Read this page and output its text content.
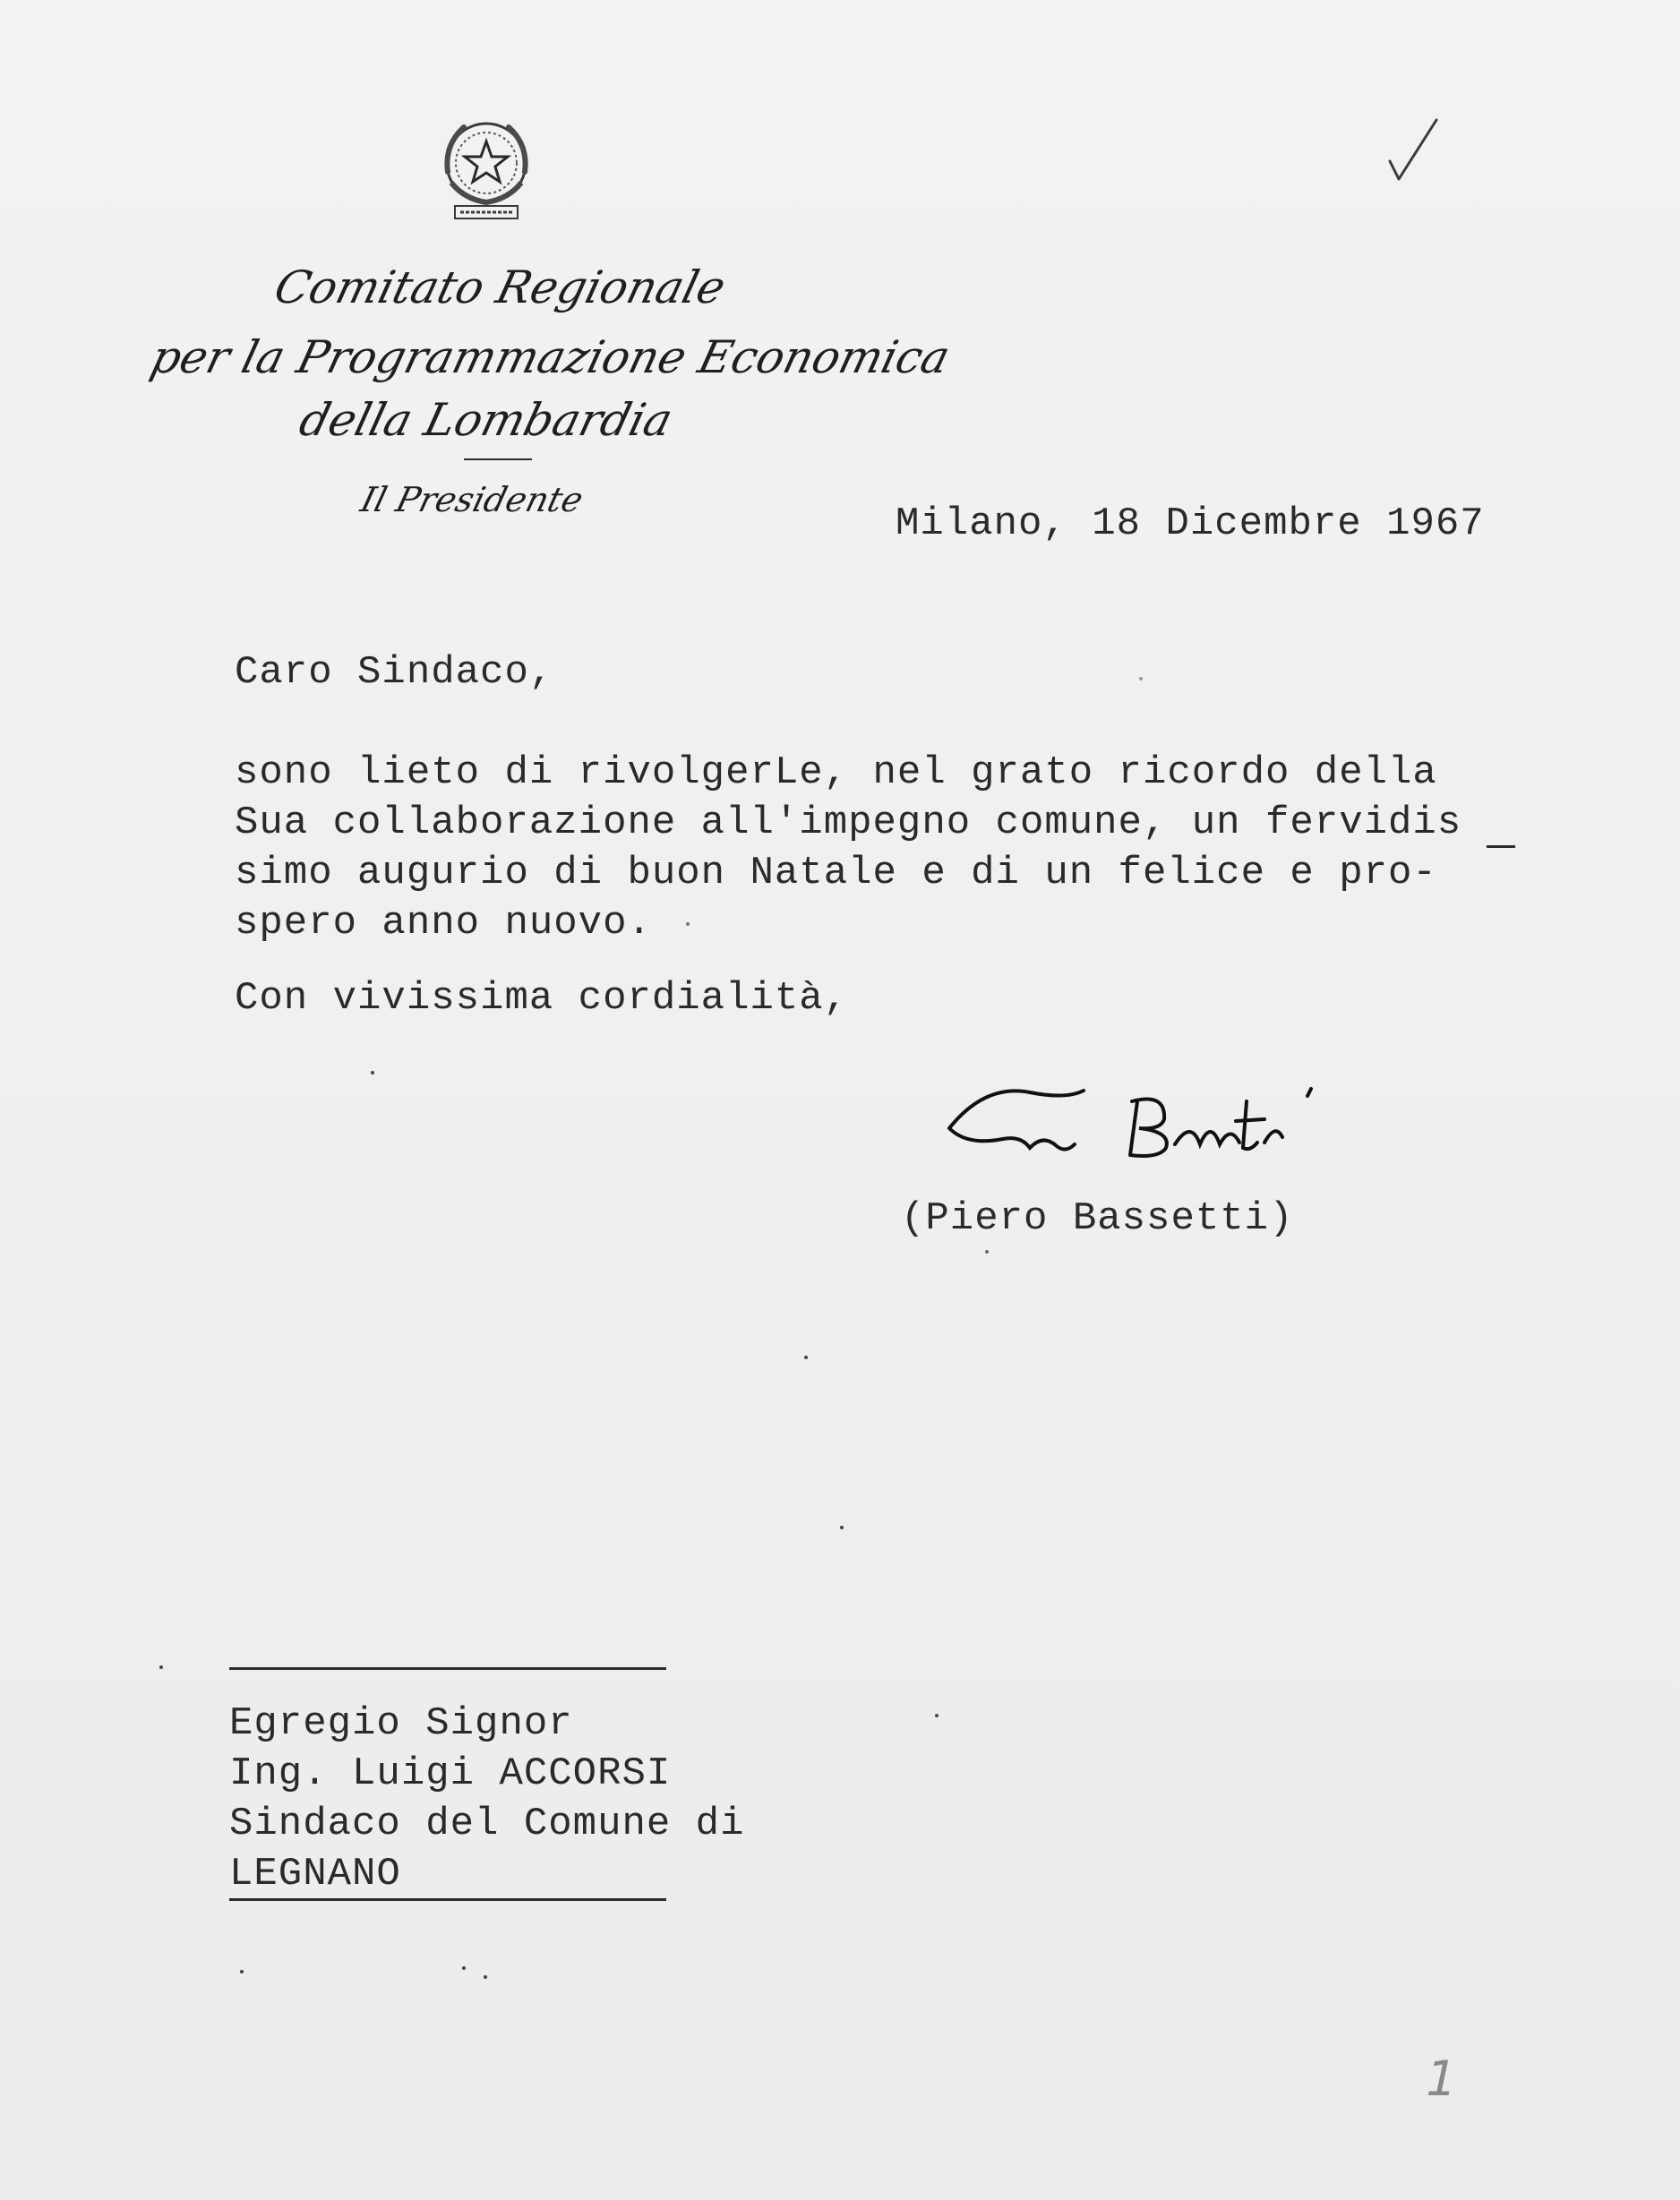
Comitato Regionale
per la Programmazione Economica
della Lombardia
Il Presidente
Milano, 18 Dicembre 1967
Caro Sindaco,
sono lieto di rivolgerLe, nel grato ricordo della
Sua collaborazione all'impegno comune, un fervidis
simo augurio di buon Natale e di un felice e pro-
spero anno nuovo.
Con vivissima cordialità,
(Piero Bassetti)
Egregio Signor
Ing. Luigi ACCORSI
Sindaco del Comune di
LEGNANO
1
